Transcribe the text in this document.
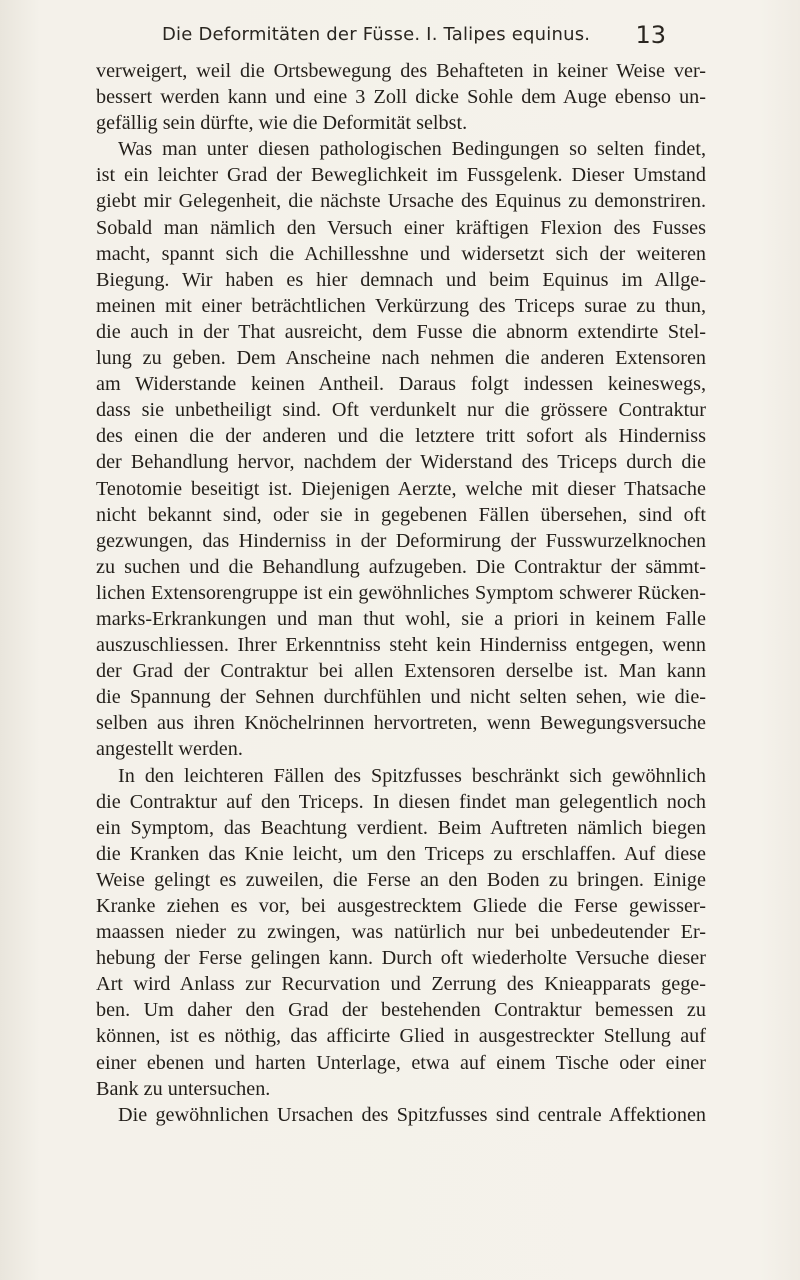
Die Deformitäten der Füsse. I. Talipes equinus. 13
verweigert, weil die Ortsbewegung des Behafteten in keiner Weise ver-
bessert werden kann und eine 3 Zoll dicke Sohle dem Auge ebenso un-
gefällig sein dürfte, wie die Deformität selbst.
Was man unter diesen pathologischen Bedingungen so selten findet,
ist ein leichter Grad der Beweglichkeit im Fussgelenk. Dieser Umstand
giebt mir Gelegenheit, die nächste Ursache des Equinus zu demonstriren.
Sobald man nämlich den Versuch einer kräftigen Flexion des Fusses
macht, spannt sich die Achillesshne und widersetzt sich der weiteren
Biegung. Wir haben es hier demnach und beim Equinus im Allge-
meinen mit einer beträchtlichen Verkürzung des Triceps surae zu thun,
die auch in der That ausreicht, dem Fusse die abnorm extendirte Stel-
lung zu geben. Dem Anscheine nach nehmen die anderen Extensoren
am Widerstande keinen Antheil. Daraus folgt indessen keineswegs,
dass sie unbetheiligt sind. Oft verdunkelt nur die grössere Contraktur
des einen die der anderen und die letztere tritt sofort als Hinderniss
der Behandlung hervor, nachdem der Widerstand des Triceps durch die
Tenotomie beseitigt ist. Diejenigen Aerzte, welche mit dieser Thatsache
nicht bekannt sind, oder sie in gegebenen Fällen übersehen, sind oft
gezwungen, das Hinderniss in der Deformirung der Fusswurzelknochen
zu suchen und die Behandlung aufzugeben. Die Contraktur der sämmt-
lichen Extensorengruppe ist ein gewöhnliches Symptom schwerer Rücken-
marks-Erkrankungen und man thut wohl, sie a priori in keinem Falle
auszuschliessen. Ihrer Erkenntniss steht kein Hinderniss entgegen, wenn
der Grad der Contraktur bei allen Extensoren derselbe ist. Man kann
die Spannung der Sehnen durchfühlen und nicht selten sehen, wie die-
selben aus ihren Knöchelrinnen hervortreten, wenn Bewegungsversuche
angestellt werden.
In den leichteren Fällen des Spitzfusses beschränkt sich gewöhnlich
die Contraktur auf den Triceps. In diesen findet man gelegentlich noch
ein Symptom, das Beachtung verdient. Beim Auftreten nämlich biegen
die Kranken das Knie leicht, um den Triceps zu erschlaffen. Auf diese
Weise gelingt es zuweilen, die Ferse an den Boden zu bringen. Einige
Kranke ziehen es vor, bei ausgestrecktem Gliede die Ferse gewisser-
maassen nieder zu zwingen, was natürlich nur bei unbedeutender Er-
hebung der Ferse gelingen kann. Durch oft wiederholte Versuche dieser
Art wird Anlass zur Recurvation und Zerrung des Knieapparats gege-
ben. Um daher den Grad der bestehenden Contraktur bemessen zu
können, ist es nöthig, das afficirte Glied in ausgestreckter Stellung auf
einer ebenen und harten Unterlage, etwa auf einem Tische oder einer
Bank zu untersuchen.
Die gewöhnlichen Ursachen des Spitzfusses sind centrale Affektionen
